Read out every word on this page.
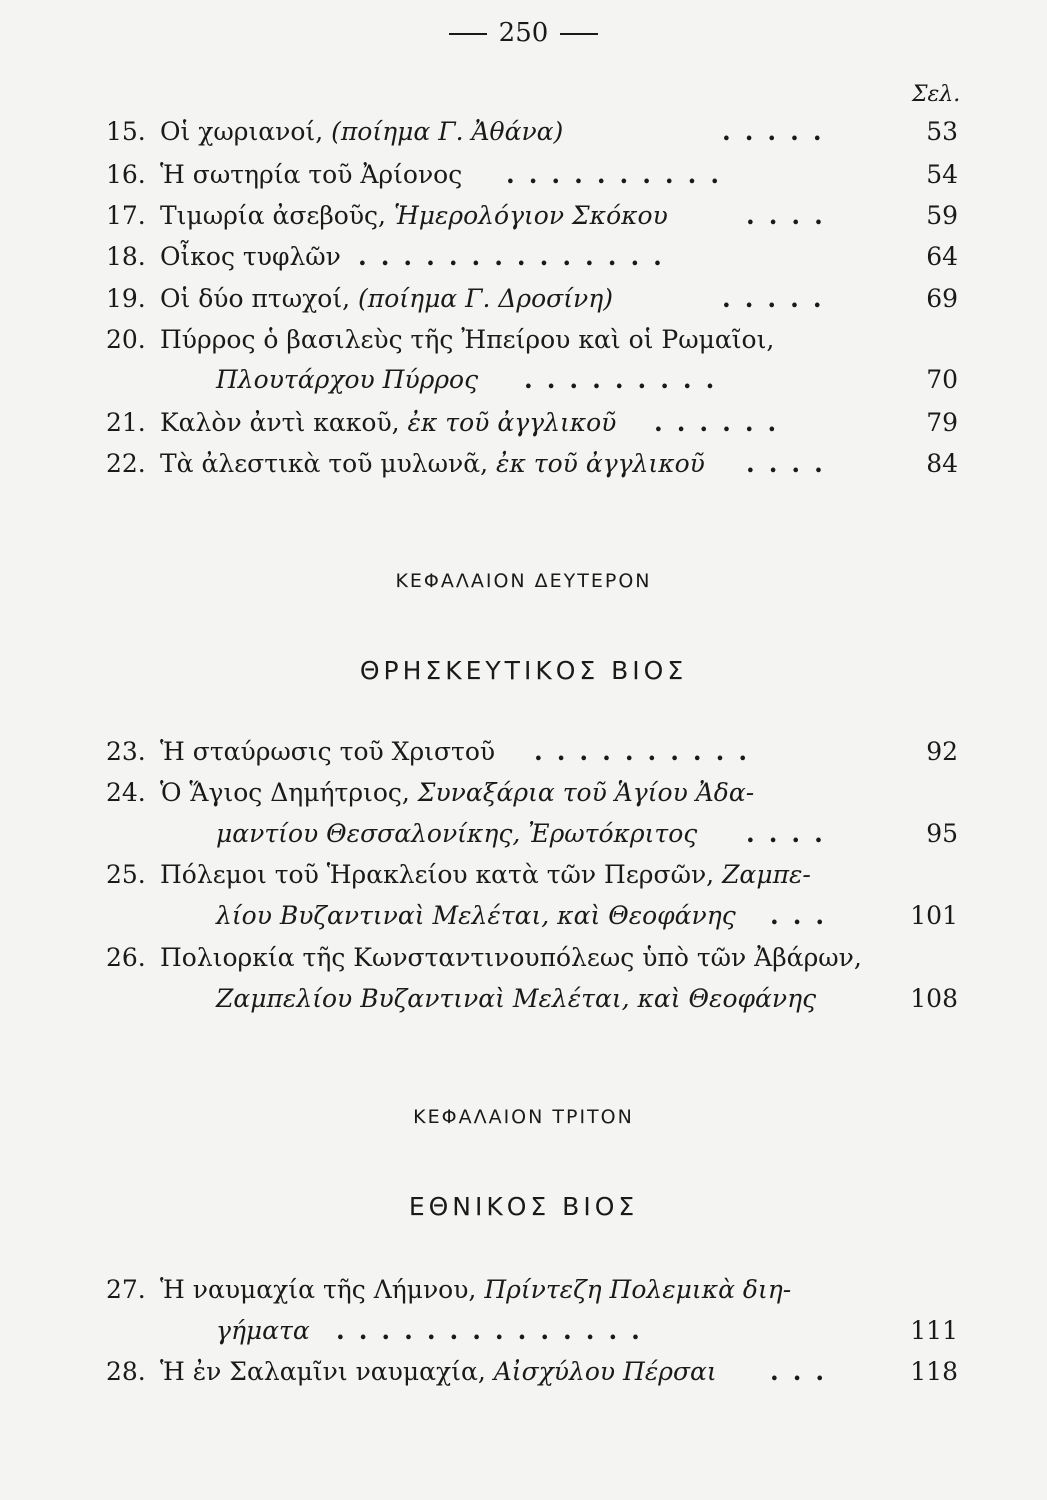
250
Σελ.
15. Οἱ χωριανοί, (ποίημα Γ. Ἀθάνα)	.....	53
16. Ἡ σωτηρία τοῦ Ἀρίονος ..........	54
17. Τιμωρία ἀσεβοῦς, Ἡμερολόγιον Σκόκου	....	59
18. Οἶκος τυφλῶν ..............	64
19. Οἱ δύο πτωχοί, (ποίημα Γ. Δροσίνη)	.....	69
20. Πύρρος ὁ βασιλεὺς τῆς Ἠπείρου καὶ οἱ Ρωμαῖοι,
Πλουτάρχου Πύρρος .........	70
21. Καλὸν ἀντὶ κακοῦ, ἐκ τοῦ ἀγγλικοῦ ......	79
22. Τὰ ἀλεστικὰ τοῦ μυλωνᾶ, ἐκ τοῦ ἀγγλικοῦ ....	84
ΚΕΦΑΛΑΙΟΝ ΔΕΥΤΕΡΟΝ
ΘΡΗΣΚΕΥΤΙΚΟΣ ΒΙΟΣ
23. Ἡ σταύρωσις τοῦ Χριστοῦ ..........	92
24. Ὁ Ἅγιος Δημήτριος, Συναξάρια τοῦ Ἁγίου Ἀδα-
μαντίου Θεσσαλονίκης, Ἐρωτόκριτος ....	95
25. Πόλεμοι τοῦ Ἡρακλείου κατὰ τῶν Περσῶν, Ζαμπε-
λίου Βυζαντιναὶ Μελέται, καὶ Θεοφάνης ...	101
26. Πολιορκία τῆς Κωνσταντινουπόλεως ὑπὸ τῶν Ἀβάρων,
Ζαμπελίου Βυζαντιναὶ Μελέται, καὶ Θεοφάνης	108
ΚΕΦΑΛΑΙΟΝ ΤΡΙΤΟΝ
ΕΘΝΙΚΟΣ ΒΙΟΣ
27. Ἡ ναυμαχία τῆς Λήμνου, Πρίντεζη Πολεμικὰ διη-
γήματα ..............	111
28. Ἡ ἐν Σαλαμῖνι ναυμαχία, Αἰσχύλου Πέρσαι ...	118
